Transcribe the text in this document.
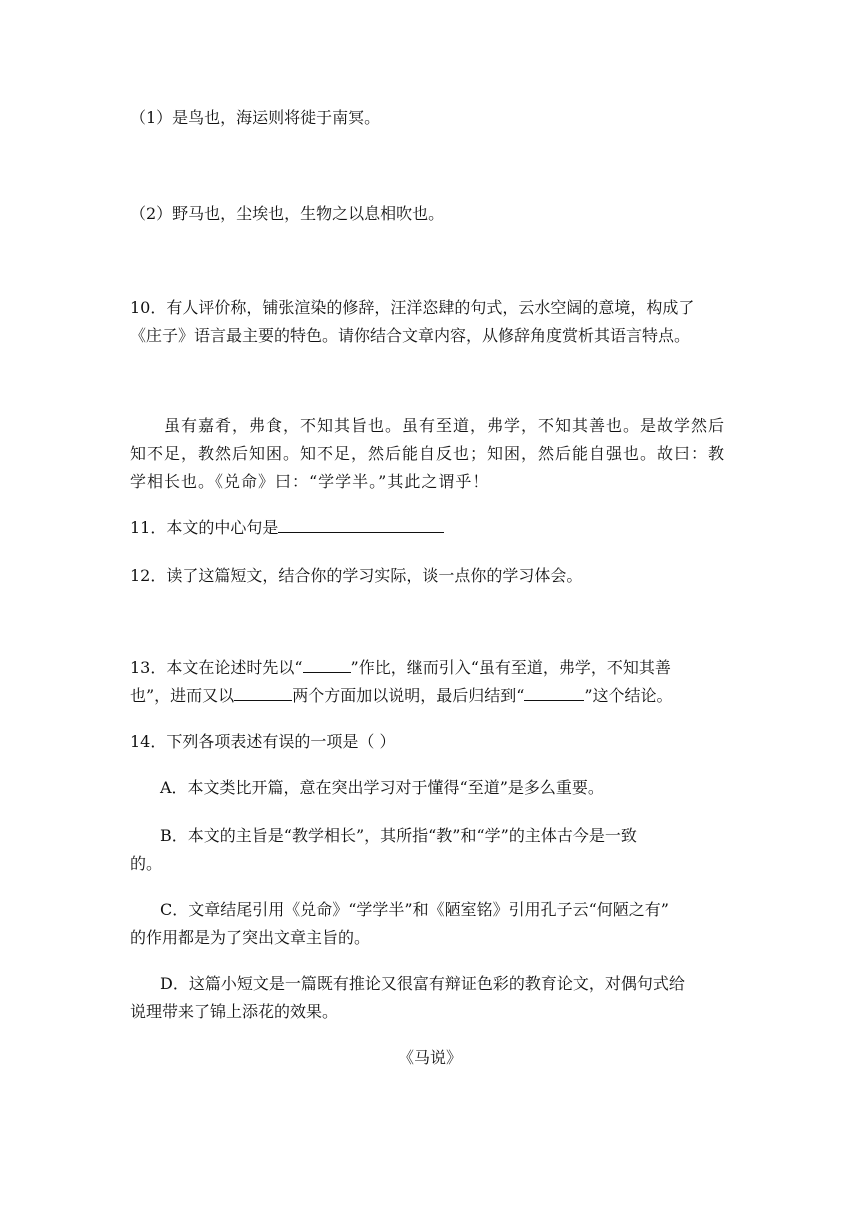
（1）是鸟也，海运则将徙于南冥。
（2）野马也，尘埃也，生物之以息相吹也。
10．有人评价称，铺张渲染的修辞，汪洋恣肆的句式，云水空阔的意境，构成了
《庄子》语言最主要的特色。请你结合文章内容，从修辞角度赏析其语言特点。
虽有嘉肴，弗食，不知其旨也。虽有至道，弗学，不知其善也。是故学然后
知不足，教然后知困。知不足，然后能自反也；知困，然后能自强也。故曰：教
学相长也。《兑命》曰：“学学半。”其此之谓乎！
11．本文的中心句是
12．读了这篇短文，结合你的学习实际，谈一点你的学习体会。
13．本文在论述时先以“	”作比，继而引入“虽有至道，弗学，不知其善
也”，进而又以	两个方面加以说明，最后归结到“	”这个结论。
14．下列各项表述有误的一项是（ ）
A．本文类比开篇，意在突出学习对于懂得“至道”是多么重要。
B．本文的主旨是“教学相长”，其所指“教”和“学”的主体古今是一致
的。
C．文章结尾引用《兑命》“学学半”和《陋室铭》引用孔子云“何陋之有”
的作用都是为了突出文章主旨的。
D．这篇小短文是一篇既有推论又很富有辩证色彩的教育论文，对偶句式给
说理带来了锦上添花的效果。
《马说》
